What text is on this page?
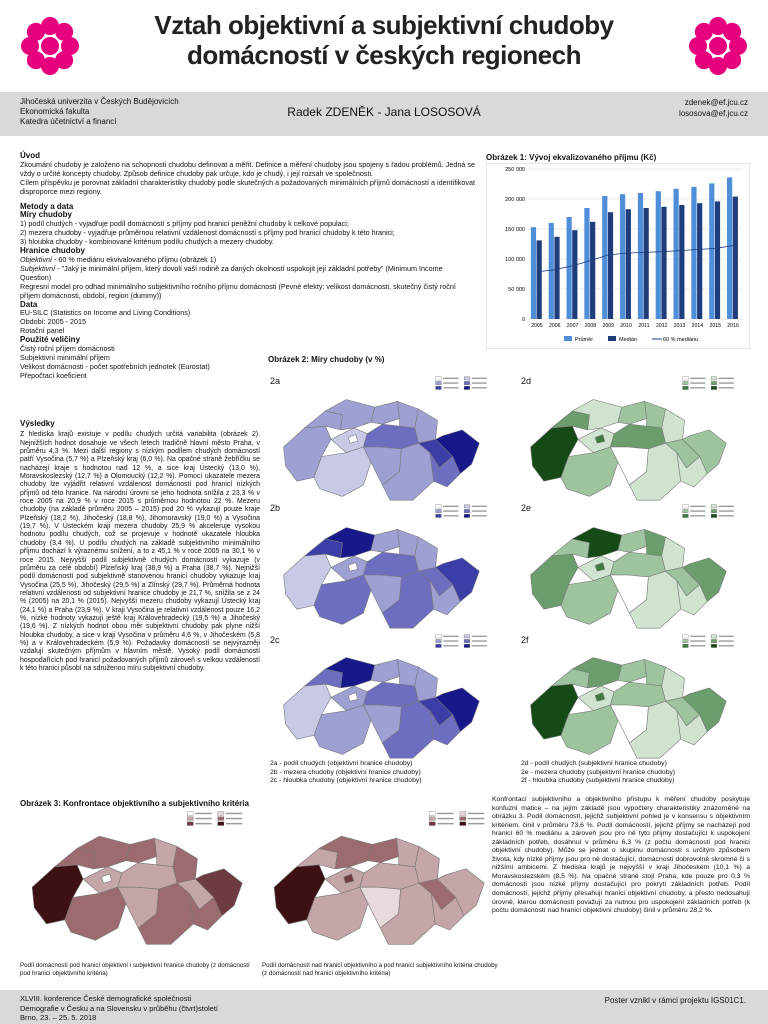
Vztah objektivní a subjektivní chudoby
domácností v českých regionech
Jihočeská univerzita v Českých Budějovicích
Ekonomická fakulta
Katedra účetnictví a financí
Radek ZDENĚK - Jana LOSOSOVÁ
zdenek@ef.jcu.cz
lososova@ef.jcu.cz

Úvod

Zkoumání chudoby je založeno na schopnosti chudobu definovat a měřit. Definice a měření chudoby jsou spojeny s řadou problémů. Jedná se vždy o určité koncepty chudoby. Způsob definice chudoby pak určuje, kdo je chudý, i její rozsah ve společnosti.

Cílem příspěvku je porovnat základní charakteristiky chudoby podle skutečných a požadovaných minimálních příjmů domácností a identifikovat disproporce mezi regiony.

Metody a data

Míry chudoby

1) podíl chudých - vyjadřuje podíl domácností s příjmy pod hranicí peněžní chudoby k celkové populaci;

2) mezera chudoby - vyjadřuje průměrnou relativní vzdálenost domácností s příjmy pod hranicí chudoby k této hranici;

3) hloubka chudoby - kombinované kritérium podílu chudých a mezery chudoby.

Hranice chudoby

Objektivní - 60 % mediánu ekvivalovaného příjmu (obrázek 1)

Subjektivní - "Jaký je minimální příjem, který dovolí vaší rodině za daných okolností uspokojit její základní potřeby" (Minimum Income Question)

Regresní model pro odhad minimálního subjektivního ročního příjmu domácnosti (Pevné efekty: velikost domácnosti, skutečný čistý roční příjem domácnosti, období, region (dummy))

Data

EU-SILC (Statistics on Income and Living Conditions)

Období: 2005 - 2015

Rotační panel

Použité veličiny

Čistý roční příjem domácnosti

Subjektivní minimální příjem

Velikost domácnosti - počet spotřebních jednotek (Eurostat)

Přepočtací koeficient

Výsledky

Z hlediska krajů existuje v podílu chudých určitá variabilita (obrázek 2). Nejnižších hodnot dosahuje ve všech letech tradičně hlavní město Praha, v průměru 4,3 %. Mezi další regiony s nízkým podílem chudých domácností patří Vysočina (5,7 %) a Plzeňský kraj (6,0 %). Na opačné straně žebříčku se nacházejí kraje s hodnotou nad 12 %, a sice kraj Ústecký (13,0 %), Moravskoslezský (12,7 %) a Olomoucký (12,2 %). Pomocí ukazatele mezera chudoby lze vyjádřit relativní vzdálenost domácností pod hranicí nízkých příjmů od této hranice. Na národní úrovni se jeho hodnota snížila z 23,3 % v roce 2005 na 20,9 % v roce 2015 s průměrnou hodnotou 22 %. Mezeru chudoby (na základě průměru 2005 – 2015) pod 20 % vykazují pouze kraje Plzeňský (18,2 %), Jihočeský (18,8 %), Jihomoravský (19,0 %) a Vysočina (19,7 %). V Ústeckém kraji mezera chudoby 25,9 % akceleruje vysokou hodnotu podílu chudých, což se projevuje v hodnotě ukazatele hloubka chudoby (3,4 %). U podílu chudých na základě subjektivního minimálního příjmu dochází k výraznému snížení, a to z 45,1 % v roce 2005 na 30,1 % v roce 2015. Nejvyšší podíl subjektivně chudých domácností vykazuje (v průměru za celé období) Plzeňský kraj (38,9 %) a Praha (38,7 %). Nejnižší podíl domácností pod subjektivně stanovenou hranicí chudoby vykazuje kraj Vysočina (25,5 %), Jihočeský (29,5 %) a Zlínský (29,7 %). Průměrná hodnota relativní vzdálenosti od subjektivní hranice chudoby je 21,7 %, snížila se z 24 % (2005) na 20,1 % (2015). Nejvyšší mezeru chudoby vykazují Ústecký kraj (24,1 %) a Praha (23,9 %). V kraji Vysočina je relativní vzdálenost pouze 16,2 %, nízké hodnoty vykazují ještě kraj Královehradecký (19,5 %) a Jihočeský (19,6 %). Z nízkých hodnot obou měr subjektivní chudoby pak plyne nižší hloubka chudoby, a sice v kraji Vysočina v průměru 4,6 %, v Jihočeském (5,8 %) a v Královehradeckém (5,9 %). Požadavky domácností se nejvýrazněji vzdalují skutečným příjmům v hlavním městě. Vysoký podíl domácností hospodařících pod hranicí požadovaných příjmů zároveň s velkou vzdáleností k této hranici působí na sdruženou míru subjektivní chudoby.

Obrázek 1: Vývoj ekvalizovaného příjmu (Kč)
0
50 000
100 000
150 000
200 000
250 000
2005 2006 2007 2008 2009 2010 2011 2012 2013 2014 2015 2016
Průměr	Medián	60 % mediánu
Obrázek 2: Míry chudoby (v %)
2a
2b
2c
2d
2e
2f
2a - podíl chudých (objektivní hranice chudoby)
2b - mezera chudoby (objektivní hranice chudoby)
2c - hloubka chudoby (objektivní hranice chudoby)
2d - podíl chudých (subjektivní hranice chudoby)
2e - mezera chudoby (subjektivní hranice chudoby)
2f - hloubka chudoby (subjektivní hranice chudoby)
Obrázek 3: Konfrontace objektivního a subjektivního kritéria
Podíl domácností pod hranicí objektivní i subjektivní hranice chudoby (z domácností pod hranicí objektivního kritéria)
Podíl domácností nad hranicí objektivního a pod hranicí subjektivního kritéria chudoby (z domácností nad hranicí objektivního kritéria)

Konfrontací subjektivního a objektivního přístupu k měření chudoby poskytuje konfuzní matice – na jejím základě jsou vypočtery charakteristiky znázorněné na obrázku 3. Podíl domácností, jejichž subjektivní pohled je v konsensu s objektivním kritériem, činil v průměru 73,6 %. Podíl domácností, jejichž příjmy se nacházejí pod hranicí 60 % mediánu a zároveň jsou pro ně tyto příjmy dostačující k uspokojení základních potřeb, dosáhnul v průměru 6,3 % (z počtu domácností pod hranicí objektivní chudoby). Může se jednat o skupinu domácností s určitým způsobem života, kdy nízké příjmy jsou pro ně dostačující, domácnosti dobrovolně skromné či s nižšími ambicemi. Z hlediska krajů je nejvyšší v kraji Jihočeském (10,1 %) a Moravskoslezském (8,5 %). Na opačné straně stojí Praha, kde pouze pro 0,3 % domácností jsou nízké příjmy dostačující pro pokrytí základních potřeb. Podíl domácností, jejichž příjmy přesahují hranici objektivní chudoby, a přesto nedosahují úrovně, kterou domácnosti považují za nutnou pro uspokojení základních potřeb (k počtu domácností nad hranicí objektivní chudoby) činil v průměru 28,2 %.

XLVIII. konference České demografické společnosti
Demografie v Česku a na Slovensku v průběhu (čtvrt)století
Brno, 23. – 25. 5. 2018
Poster vznikl v rámci projektu IGS01C1.
